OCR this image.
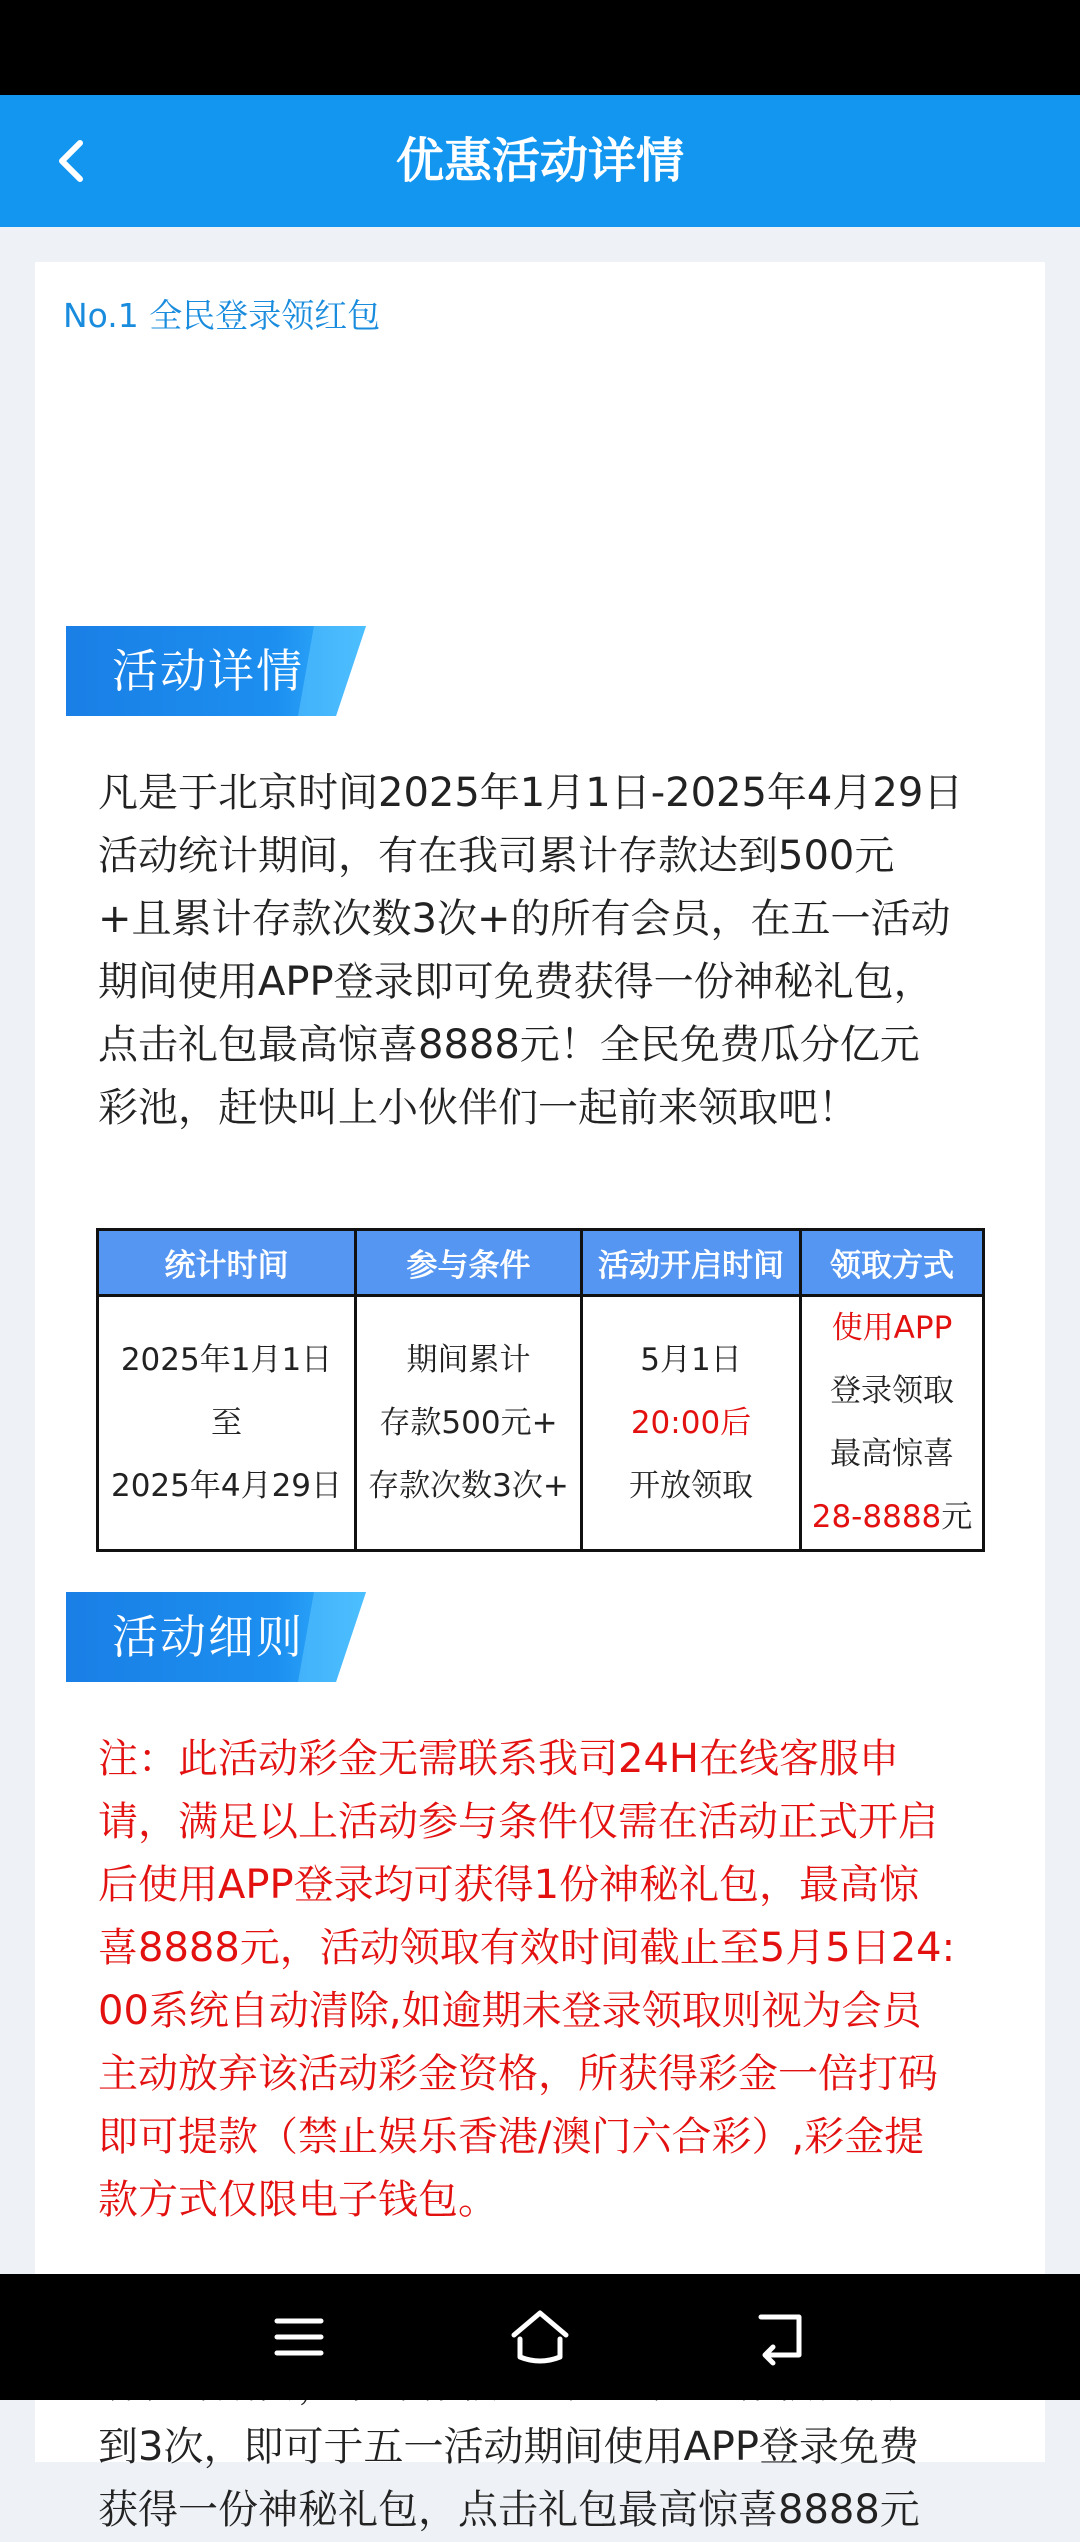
优惠活动详情
No.1 全民登录领红包
活动详情

凡是于北京时间2025年1月1日-2025年4月29日

活动统计期间，有在我司累计存款达到500元

+且累计存款次数3次+的所有会员，在五一活动

期间使用APP登录即可免费获得一份神秘礼包，

点击礼包最高惊喜8888元！全民免费瓜分亿元

彩池，赶快叫上小伙伴们一起前来领取吧！

统计时间	参与条件	活动开启时间	领取方式

2025年1月1日
至
2025年4月29日	期间累计
存款500元+
存款次数3次+	5月1日
20:00后
开放领取	使用APP
登录领取
最高惊喜
28-8888元
活动细则

注：此活动彩金无需联系我司24H在线客服申

请，满足以上活动参与条件仅需在活动正式开启

后使用APP登录均可获得1份神秘礼包，最高惊

喜8888元，活动领取有效时间截止至5月5日24:

00系统自动清除,如逾期未登录领取则视为会员

主动放弃该活动彩金资格，所获得彩金一倍打码

即可提款（禁止娱乐香港/澳门六合彩）,彩金提

款方式仅限电子钱包。

到3次，即可于五一活动期间使用APP登录免费

获得一份神秘礼包，点击礼包最高惊喜8888元
